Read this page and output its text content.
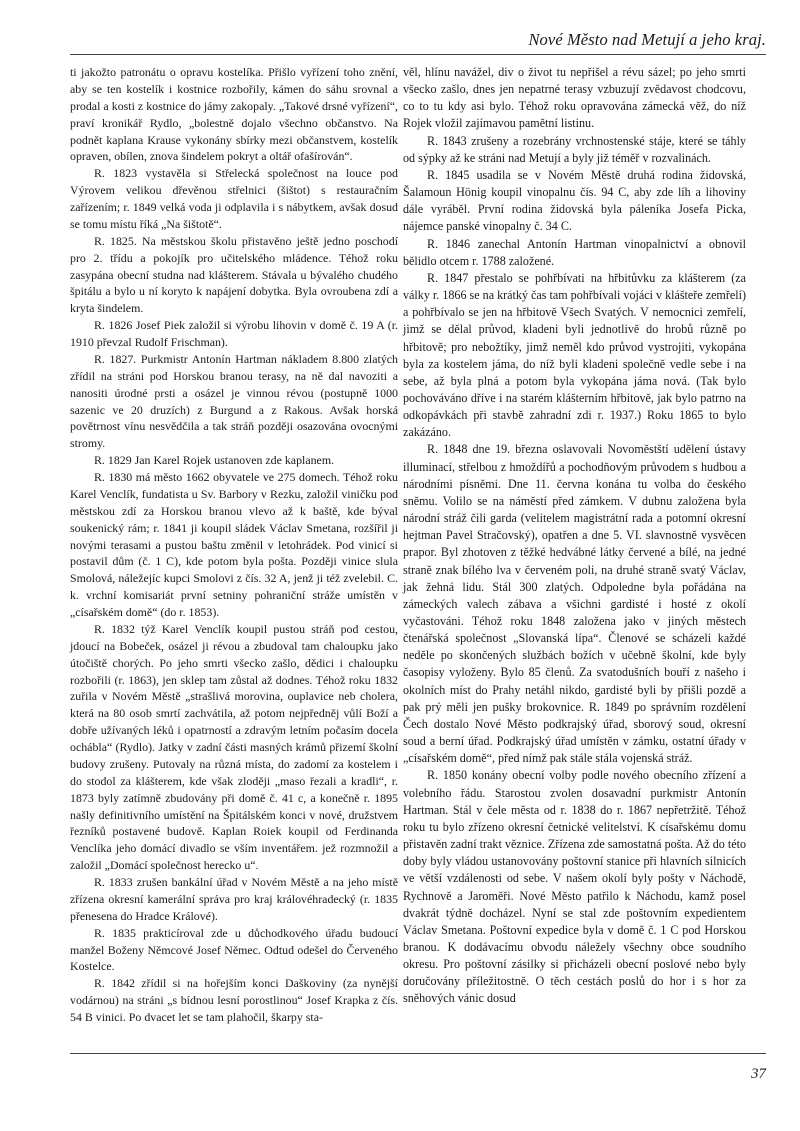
Nové Město nad Metují a jeho kraj.

ti jakožto patronátu o opravu kostelíka. Přišlo vyřízení toho znění, aby se ten kostelík i kostnice rozbořily, kámen do sáhu srovnal a prodal a kosti z kostnice do jámy zakopaly. „Takové drsné vyřízení“, praví kronikář Rydlo, „bolestně dojalo všechno občanstvo. Na podnět kaplana Krause vykonány sbírky mezi občanstvem, kostelík opraven, obílen, znova šindelem pokryt a oltář ofašírován“.

R. 1823 vystavěla si Střelecká společnost na louce pod Výrovem velikou dřevěnou střelnici (šištot) s restauračním zařízením; r. 1849 velká voda ji odplavila i s nábytkem, avšak dosud se tomu místu říká „Na šištotě“.

R. 1825. Na městskou školu přistavěno ještě jedno poschodí pro 2. třídu a pokojík pro učitelského mládence. Téhož roku zasypána obecní studna nad klášterem. Stávala u bývalého chudého špitálu a bylo u ní koryto k napájení dobytka. Byla ovroubena zdí a kryta šindelem.

R. 1826 Josef Piek založil si výrobu lihovin v domě č. 19 A (r. 1910 převzal Rudolf Frischman).

R. 1827. Purkmistr Antonín Hartman nákladem 8.800 zlatých zřídil na stráni pod Horskou branou terasy, na ně dal navoziti a nanositi úrodné prsti a osázel je vinnou révou (postupně 1000 sazenic ve 20 druzích) z Burgund a z Rakous. Avšak horská povětrnost vínu nesvědčila a tak stráň později osazována ovocnými stromy.

R. 1829 Jan Karel Rojek ustanoven zde kaplanem.

R. 1830 má město 1662 obyvatele ve 275 domech. Téhož roku Karel Venclík, fundatista u Sv. Barbory v Rezku, založil viničku pod městskou zdí za Horskou branou vlevo až k baště, kde býval soukenický rám; r. 1841 ji koupil sládek Václav Smetana, rozšířil ji novými terasami a pustou baštu změnil v letohrádek. Pod vinicí si postavil dům (č. 1 C), kde potom byla pošta. Později vinice slula Smolová, náležejíc kupci Smolovi z čís. 32 A, jenž ji též zvelebil. C. k. vrchní komisariát první setniny pohraniční stráže umístěn v „císařském domě“ (do r. 1853).

R. 1832 týž Karel Venclík koupil pustou stráň pod cestou, jdoucí na Bobeček, osázel ji révou a zbudoval tam chaloupku jako útočiště chorých. Po jeho smrti všecko zašlo, dědici i chaloupku rozbořili (r. 1863), jen sklep tam zůstal až dodnes. Téhož roku 1832 zuřila v Novém Městě „strašlivá morovina, ouplavice neb cholera, která na 80 osob smrtí zachvátila, až potom nejpředněj vůlí Boží a dobře užívaných léků i opatrností a zdravým letním počasím docela ochábla“ (Rydlo). Jatky v zadní části masných krámů přizemí školní budovy zrušeny. Putovaly na různá místa, do zadomí za kostelem i do stodol za klášterem, kde však zloději „maso řezali a kradli“, r. 1873 byly zatímně zbudovány při domě č. 41 c, a konečně r. 1895 našly definitivního umístění na Špitálském konci v nové, družstvem řezníků postavené budově. Kaplan Roiek koupil od Ferdinanda Venclíka jeho domácí divadlo se vším inventářem. jež rozmnožil a založil „Domácí společnost herecko u“.

R. 1833 zrušen bankální úřad v Novém Městě a na jeho místě zřízena okresní kamerální správa pro kraj královéhradecký (r. 1835 přenesena do Hradce Králové).

R. 1835 prakticíroval zde u důchodkového úřadu budoucí manžel Boženy Němcové Josef Němec. Odtud odešel do Červeného Kostelce.

R. 1842 zřídil si na hořejším konci Daškoviny (za nynější vodárnou) na stráni „s bídnou lesní porostlinou“ Josef Krapka z čís. 54 B vinici. Po dvacet let se tam plahočil, škarpy sta-

věl, hlínu navážel, div o život tu nepřišel a révu sázel; po jeho smrti všecko zašlo, dnes jen nepatrné terasy vzbuzují zvědavost chodcovu, co to tu kdy asi bylo. Téhož roku opravována zámecká věž, do níž Rojek vložil zajímavou pamětní listinu.

R. 1843 zrušeny a rozebrány vrchnostenské stáje, které se táhly od sýpky až ke stráni nad Metují a byly již téměř v rozvalinách.

R. 1845 usadila se v Novém Městě druhá rodina židovská, Šalamoun Hönig koupil vinopalnu čís. 94 C, aby zde líh a lihoviny dále vyráběl. První rodina židovská byla páleníka Josefa Picka, nájemce panské vinopalny č. 34 C.

R. 1846 zanechal Antonín Hartman vinopalnictví a obnovil bělidlo otcem r. 1788 založené.

R. 1847 přestalo se pohřbívati na hřbitůvku za klášterem (za války r. 1866 se na krátký čas tam pohřbívali vojáci v klášteře zemřelí) a pohřbívalo se jen na hřbitově Všech Svatých. V nemocnici zemřelí, jimž se dělal průvod, kladeni byli jednotlivě do hrobů různě po hřbitově; pro nebožtíky, jimž neměl kdo průvod vystrojiti, vykopána byla za kostelem jáma, do níž byli kladeni společně vedle sebe i na sebe, až byla plná a potom byla vykopána jáma nová. (Tak bylo pochováváno dříve i na starém klášterním hřbitově, jak bylo patrno na odkopávkách při stavbě zahradní zdi r. 1937.) Roku 1865 to bylo zakázáno.

R. 1848 dne 19. března oslavovali Novoměstští udělení ústavy illuminací, střelbou z hmoždířů a pochodňovým průvodem s hudbou a národními písněmi. Dne 11. června konána tu volba do českého sněmu. Volilo se na náměstí před zámkem. V dubnu založena byla národní stráž čili garda (velitelem magistrátní rada a potomní okresní hejtman Pavel Stračovský), opatřen a dne 5. VI. slavnostně vysvěcen prapor. Byl zhotoven z těžké hedvábné látky červené a bílé, na jedné straně znak bílého lva v červeném poli, na druhé straně svatý Václav, jak žehná lidu. Stál 300 zlatých. Odpoledne byla pořádána na zámeckých valech zábava a všichni gardisté i hosté z okolí vyčastováni. Téhož roku 1848 založena jako v jiných městech čtenářská společnost „Slovanská lípa“. Členové se scházeli každé neděle po skončených službách božích v učebně školní, kde byly časopisy vyloženy. Bylo 85 členů. Za svatodušních bouří z našeho i okolních míst do Prahy netáhl nikdo, gardisté byli by přišli pozdě a pak prý měli jen pušky brokovnice. R. 1849 po správním rozdělení Čech dostalo Nové Město podkrajský úřad, sborový soud, okresní soud a berní úřad. Podkrajský úřad umístěn v zámku, ostatní úřady v „císařském domě“, před nímž pak stále stála vojenská stráž.

R. 1850 konány obecní volby podle nového obecního zřízení a volebního řádu. Starostou zvolen dosavadní purkmistr Antonín Hartman. Stál v čele města od r. 1838 do r. 1867 nepřetržitě. Téhož roku tu bylo zřízeno okresní četnické velitelství. K císařskému domu přistavěn zadní trakt věznice. Zřízena zde samostatná pošta. Až do této doby byly vládou ustanovovány poštovní stanice při hlavních silnicích ve větší vzdálenosti od sebe. V našem okolí byly pošty v Náchodě, Rychnově a Jaroměři. Nové Město patřilo k Náchodu, kamž posel dvakrát týdně docházel. Nyní se stal zde poštovním expedientem Václav Smetana. Poštovní expedice byla v domě č. 1 C pod Horskou branou. K dodávacímu obvodu náležely všechny obce soudního okresu. Pro poštovní zásilky si přicházeli obecní poslové nebo byly doručovány příležitostně. O těch cestách poslů do hor i s hor za sněhových vánic dosud

37
